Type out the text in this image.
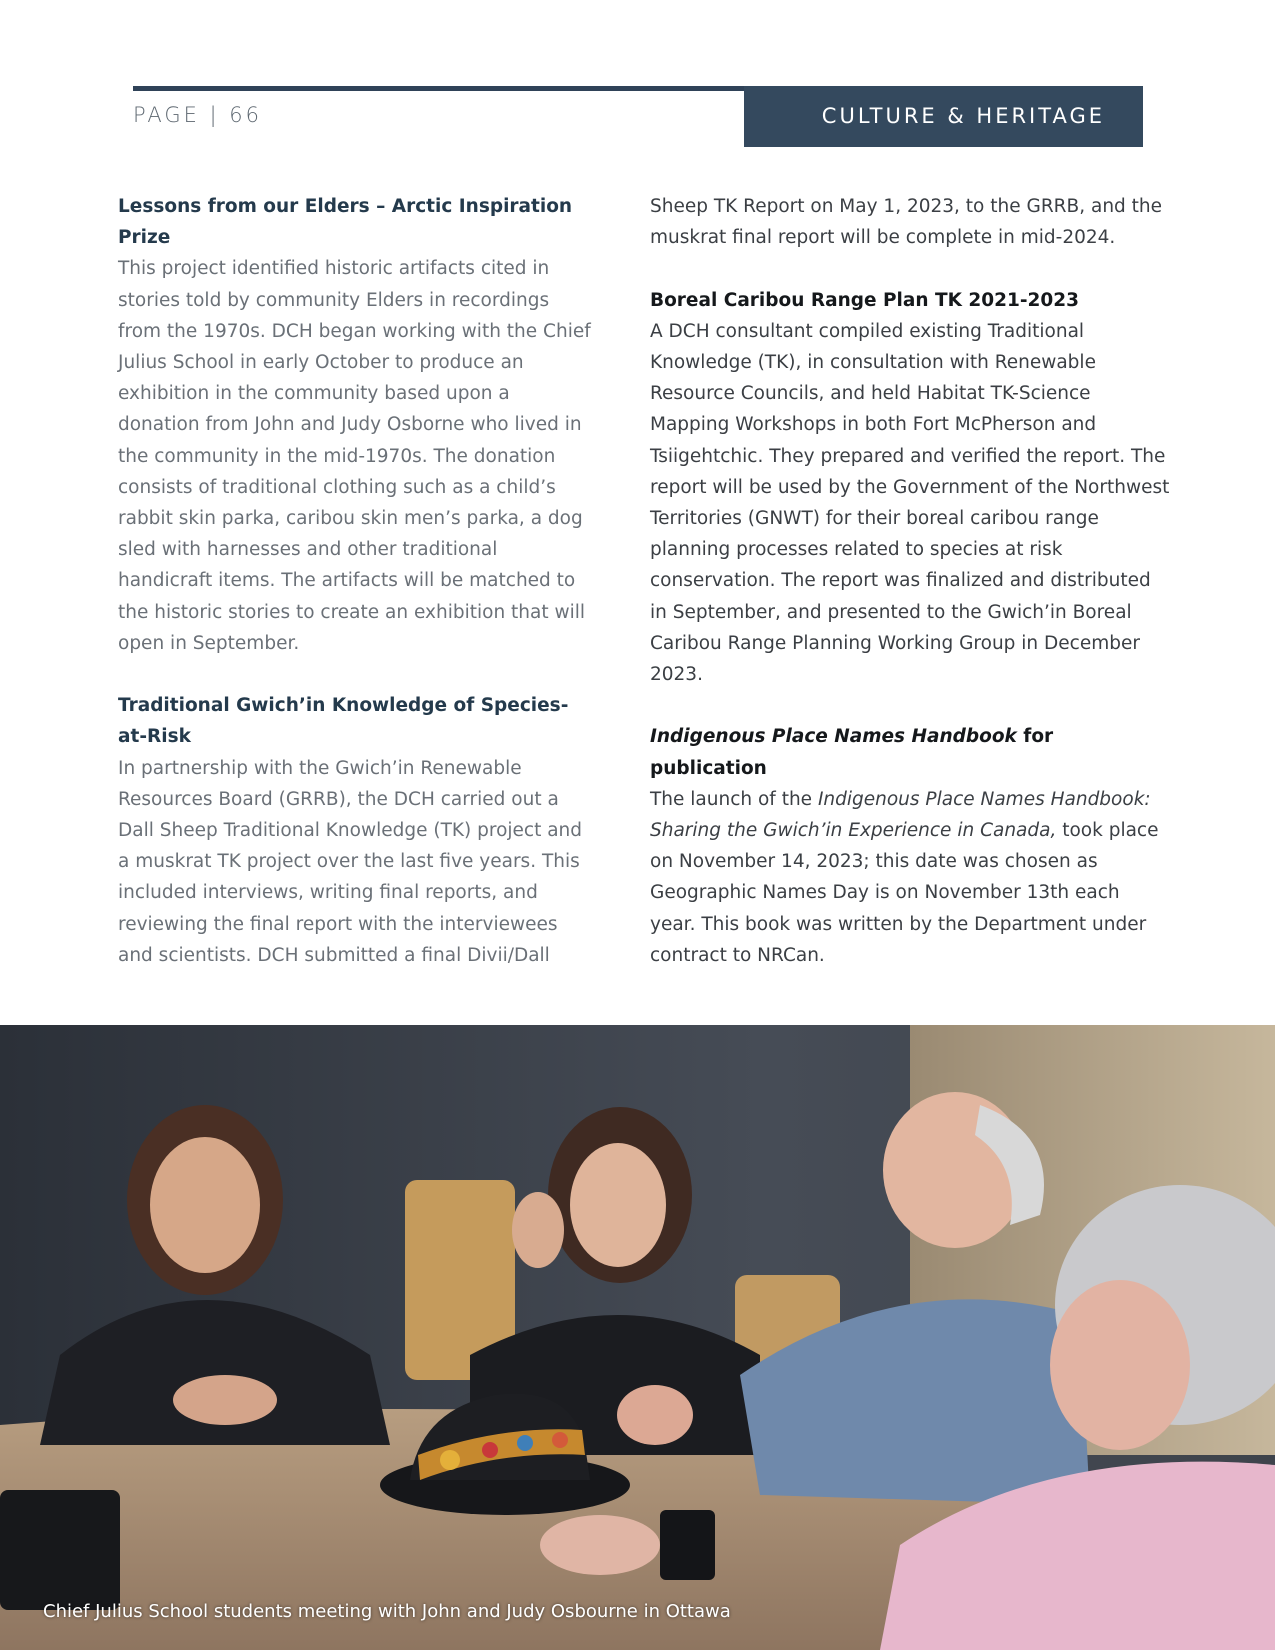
PAGE | 66	CULTURE & HERITAGE

Lessons from our Elders – Arctic Inspiration Prize

This project identified historic artifacts cited in stories told by community Elders in recordings from the 1970s. DCH began working with the Chief Julius School in early October to produce an exhibition in the community based upon a donation from John and Judy Osborne who lived in the community in the mid-1970s. The donation consists of traditional clothing such as a child’s rabbit skin parka, caribou skin men’s parka, a dog sled with harnesses and other traditional handicraft items. The artifacts will be matched to the historic stories to create an exhibition that will open in September.

Traditional Gwich’in Knowledge of Species-at-Risk

In partnership with the Gwich’in Renewable Resources Board (GRRB), the DCH carried out a Dall Sheep Traditional Knowledge (TK) project and a muskrat TK project over the last five years. This included interviews, writing final reports, and reviewing the final report with the interviewees and scientists. DCH submitted a final Divii/Dall

Sheep TK Report on May 1, 2023, to the GRRB, and the muskrat final report will be complete in mid-2024.

Boreal Caribou Range Plan TK 2021-2023

A DCH consultant compiled existing Traditional Knowledge (TK), in consultation with Renewable Resource Councils, and held Habitat TK-Science Mapping Workshops in both Fort McPherson and Tsiigehtchic. They prepared and verified the report. The report will be used by the Government of the Northwest Territories (GNWT) for their boreal caribou range planning processes related to species at risk conservation. The report was finalized and distributed in September, and presented to the Gwich’in Boreal Caribou Range Planning Working Group in December 2023.

Indigenous Place Names Handbook for publication

The launch of the Indigenous Place Names Handbook: Sharing the Gwich’in Experience in Canada, took place on November 14, 2023; this date was chosen as Geographic Names Day is on November 13th each year. This book was written by the Department under contract to NRCan.

Chief Julius School students meeting with John and Judy Osbourne in Ottawa
